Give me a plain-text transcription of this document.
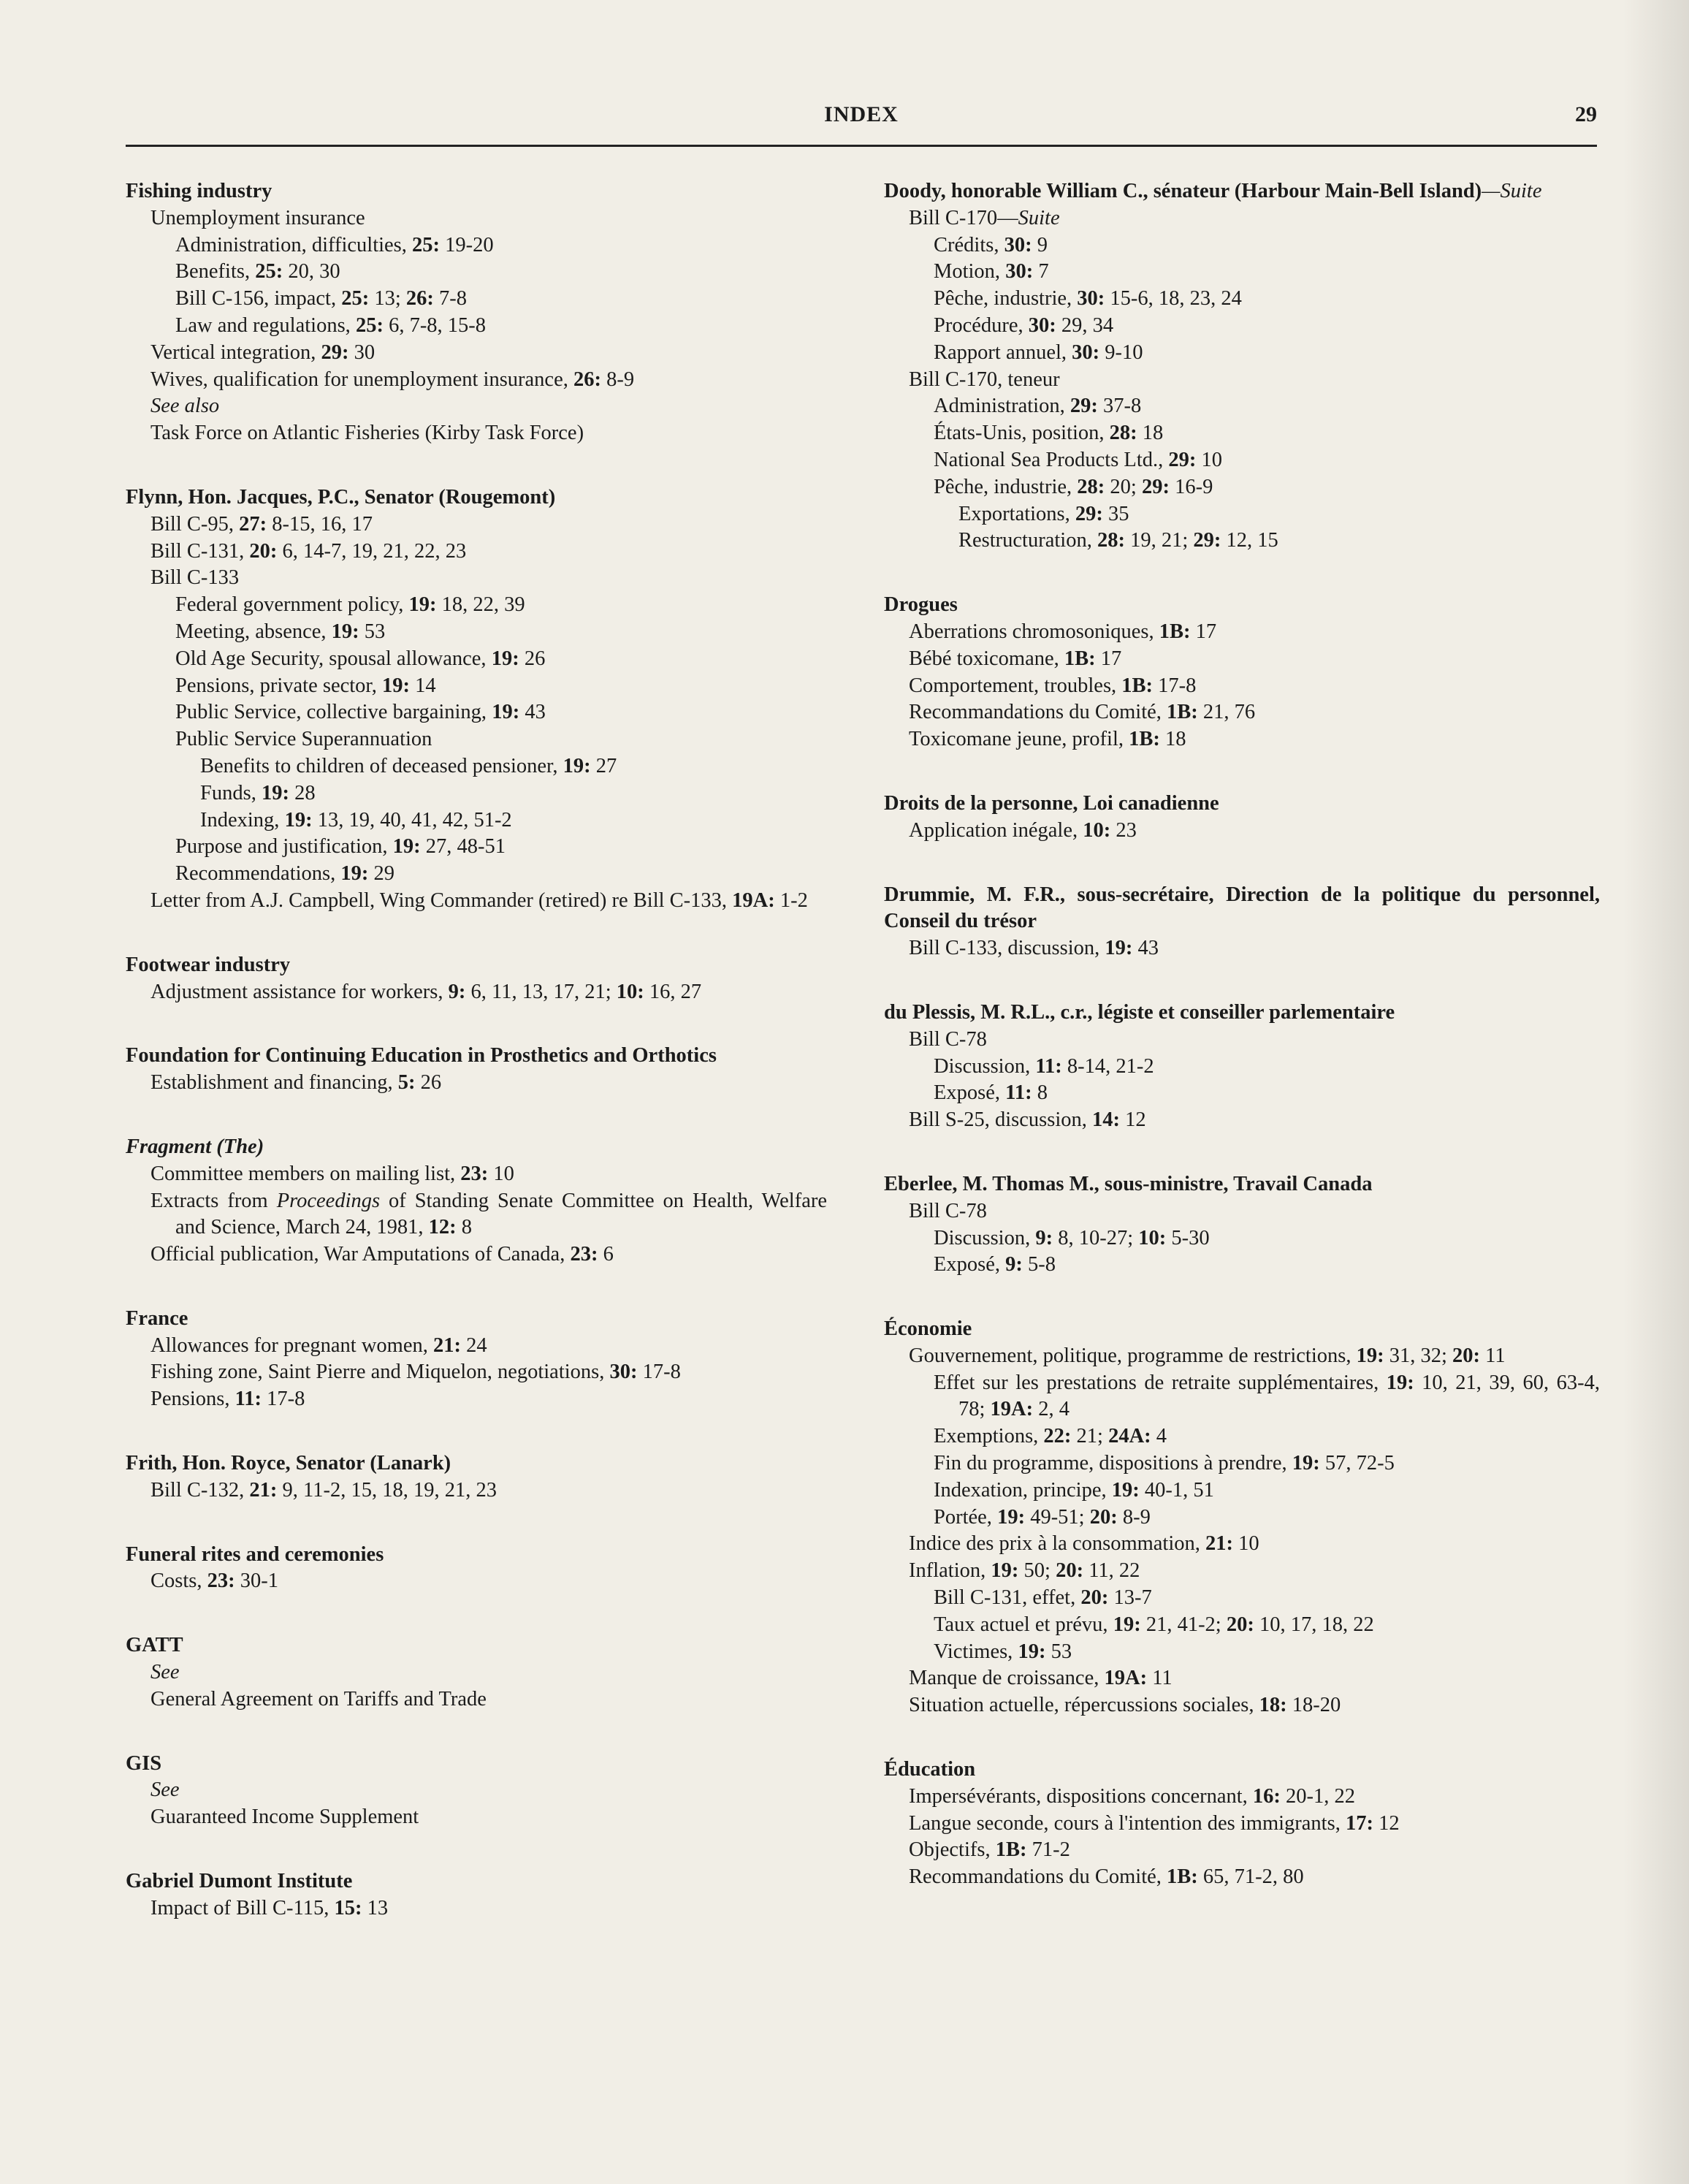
INDEX	29
Fishing industry
Unemployment insurance
Administration, difficulties, 25: 19-20
Benefits, 25: 20, 30
Bill C-156, impact, 25: 13; 26: 7-8
Law and regulations, 25: 6, 7-8, 15-8
Vertical integration, 29: 30
Wives, qualification for unemployment insurance, 26: 8-9
See also
Task Force on Atlantic Fisheries (Kirby Task Force)
Flynn, Hon. Jacques, P.C., Senator (Rougemont)
Bill C-95, 27: 8-15, 16, 17
Bill C-131, 20: 6, 14-7, 19, 21, 22, 23
Bill C-133
Federal government policy, 19: 18, 22, 39
Meeting, absence, 19: 53
Old Age Security, spousal allowance, 19: 26
Pensions, private sector, 19: 14
Public Service, collective bargaining, 19: 43
Public Service Superannuation
Benefits to children of deceased pensioner, 19: 27
Funds, 19: 28
Indexing, 19: 13, 19, 40, 41, 42, 51-2
Purpose and justification, 19: 27, 48-51
Recommendations, 19: 29
Letter from A.J. Campbell, Wing Commander (retired) re Bill C-133, 19A: 1-2
Footwear industry
Adjustment assistance for workers, 9: 6, 11, 13, 17, 21; 10: 16, 27
Foundation for Continuing Education in Prosthetics and Orthotics
Establishment and financing, 5: 26
Fragment (The)
Committee members on mailing list, 23: 10
Extracts from Proceedings of Standing Senate Committee on Health, Welfare and Science, March 24, 1981, 12: 8
Official publication, War Amputations of Canada, 23: 6
France
Allowances for pregnant women, 21: 24
Fishing zone, Saint Pierre and Miquelon, negotiations, 30: 17-8
Pensions, 11: 17-8
Frith, Hon. Royce, Senator (Lanark)
Bill C-132, 21: 9, 11-2, 15, 18, 19, 21, 23
Funeral rites and ceremonies
Costs, 23: 30-1
GATT
See
General Agreement on Tariffs and Trade
GIS
See
Guaranteed Income Supplement
Gabriel Dumont Institute
Impact of Bill C-115, 15: 13
Doody, honorable William C., sénateur (Harbour Main-Bell Island)—Suite
Bill C-170—Suite
Crédits, 30: 9
Motion, 30: 7
Pêche, industrie, 30: 15-6, 18, 23, 24
Procédure, 30: 29, 34
Rapport annuel, 30: 9-10
Bill C-170, teneur
Administration, 29: 37-8
États-Unis, position, 28: 18
National Sea Products Ltd., 29: 10
Pêche, industrie, 28: 20; 29: 16-9
Exportations, 29: 35
Restructuration, 28: 19, 21; 29: 12, 15
Drogues
Aberrations chromosoniques, 1B: 17
Bébé toxicomane, 1B: 17
Comportement, troubles, 1B: 17-8
Recommandations du Comité, 1B: 21, 76
Toxicomane jeune, profil, 1B: 18
Droits de la personne, Loi canadienne
Application inégale, 10: 23
Drummie, M. F.R., sous-secrétaire, Direction de la politique du personnel, Conseil du trésor
Bill C-133, discussion, 19: 43
du Plessis, M. R.L., c.r., légiste et conseiller parlementaire
Bill C-78
Discussion, 11: 8-14, 21-2
Exposé, 11: 8
Bill S-25, discussion, 14: 12
Eberlee, M. Thomas M., sous-ministre, Travail Canada
Bill C-78
Discussion, 9: 8, 10-27; 10: 5-30
Exposé, 9: 5-8
Économie
Gouvernement, politique, programme de restrictions, 19: 31, 32; 20: 11
Effet sur les prestations de retraite supplémentaires, 19: 10, 21, 39, 60, 63-4, 78; 19A: 2, 4
Exemptions, 22: 21; 24A: 4
Fin du programme, dispositions à prendre, 19: 57, 72-5
Indexation, principe, 19: 40-1, 51
Portée, 19: 49-51; 20: 8-9
Indice des prix à la consommation, 21: 10
Inflation, 19: 50; 20: 11, 22
Bill C-131, effet, 20: 13-7
Taux actuel et prévu, 19: 21, 41-2; 20: 10, 17, 18, 22
Victimes, 19: 53
Manque de croissance, 19A: 11
Situation actuelle, répercussions sociales, 18: 18-20
Éducation
Impersévérants, dispositions concernant, 16: 20-1, 22
Langue seconde, cours à l'intention des immigrants, 17: 12
Objectifs, 1B: 71-2
Recommandations du Comité, 1B: 65, 71-2, 80
